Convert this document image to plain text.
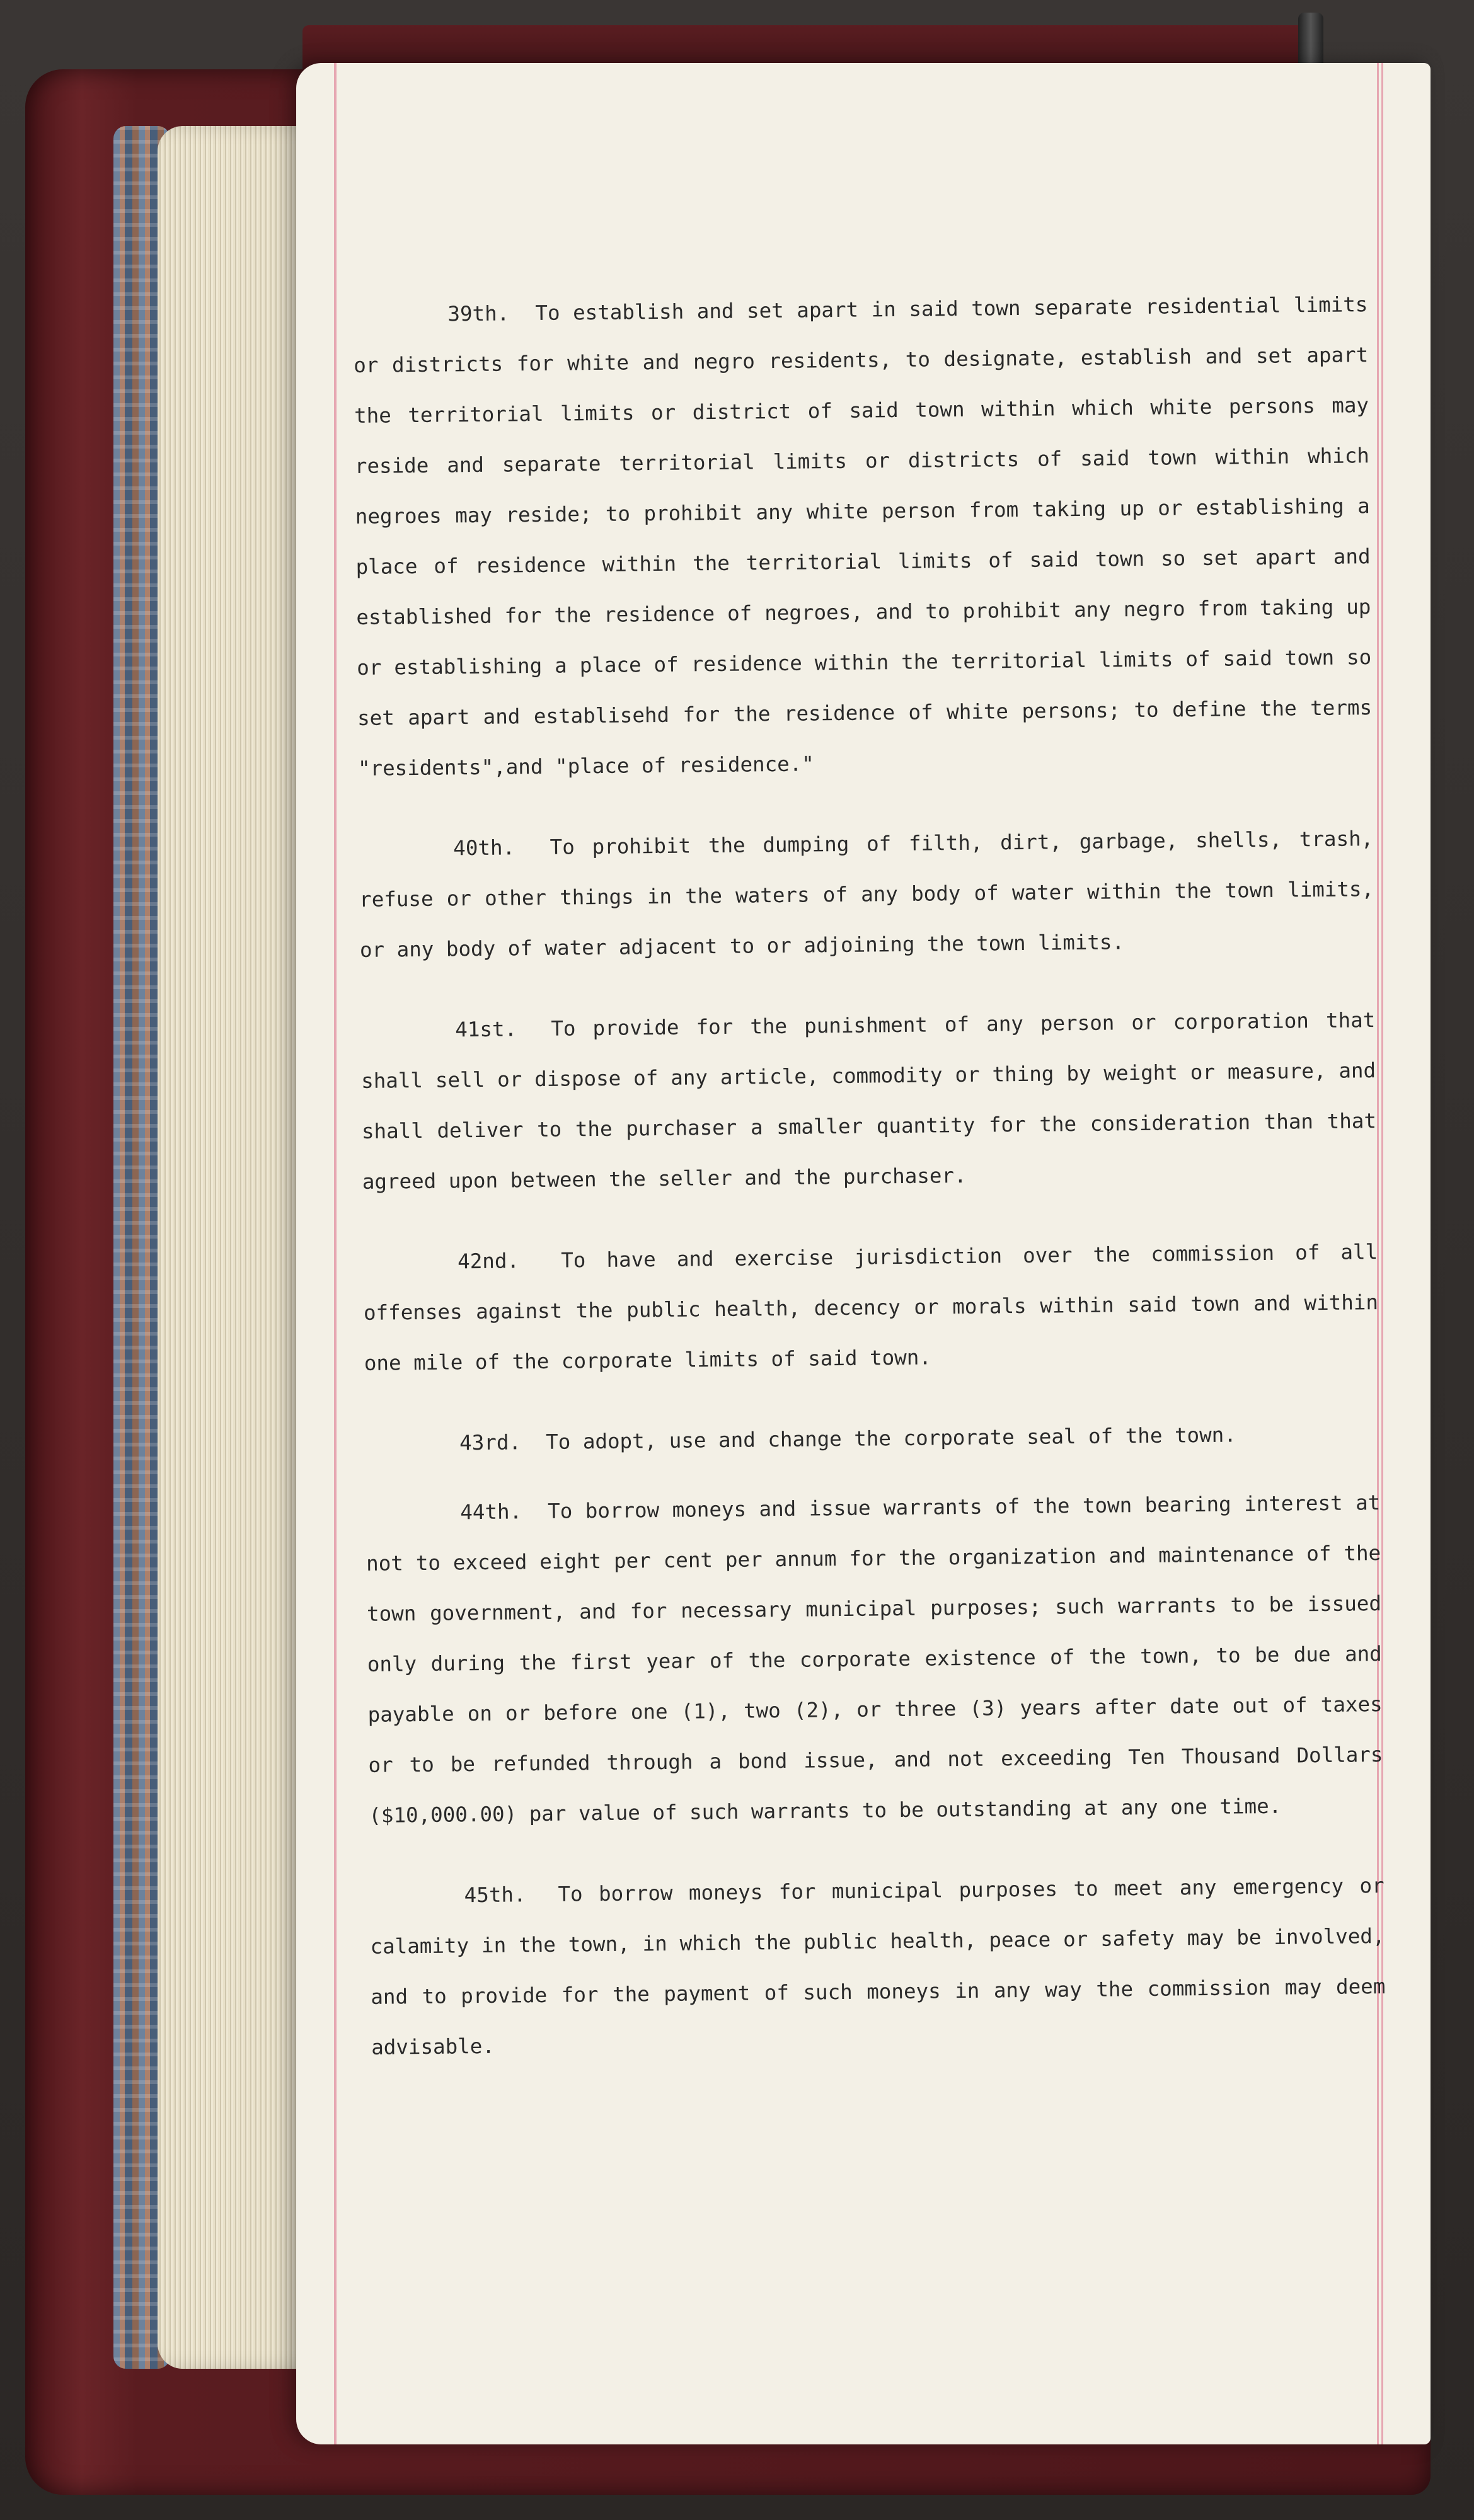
39th. To establish and set apart in said town separate residential limits or districts for white and negro residents, to designate, establish and set apart the territorial limits or district of said town within which white persons may reside and separate territorial limits or districts of said town within which negroes may reside; to prohibit any white person from taking up or establishing a place of residence within the territorial limits of said town so set apart and established for the residence of negroes, and to prohibit any negro from taking up or establishing a place of residence within the territorial limits of said town so set apart and establisehd for the residence of white persons; to define the terms "residents",and "place of residence."

40th. To prohibit the dumping of filth, dirt, garbage, shells, trash, refuse or other things in the waters of any body of water within the town limits, or any body of water adjacent to or adjoining the town limits.

41st. To provide for the punishment of any person or corporation that shall sell or dispose of any article, commodity or thing by weight or measure, and shall deliver to the purchaser a smaller quantity for the consideration than that agreed upon between the seller and the purchaser.

42nd. To have and exercise jurisdiction over the commission of all offenses against the public health, decency or morals within said town and within one mile of the corporate limits of said town.

43rd. To adopt, use and change the corporate seal of the town.

44th. To borrow moneys and issue warrants of the town bearing interest at not to exceed eight per cent per annum for the organization and maintenance of the town government, and for necessary municipal purposes; such warrants to be issued only during the first year of the corporate existence of the town, to be due and payable on or before one (1), two (2), or three (3) years after date out of taxes or to be refunded through a bond issue, and not exceeding Ten Thousand Dollars ($10,000.00) par value of such warrants to be outstanding at any one time.

45th. To borrow moneys for municipal purposes to meet any emergency or calamity in the town, in which the public health, peace or safety may be involved, and to provide for the payment of such moneys in any way the commission may deem advisable.
